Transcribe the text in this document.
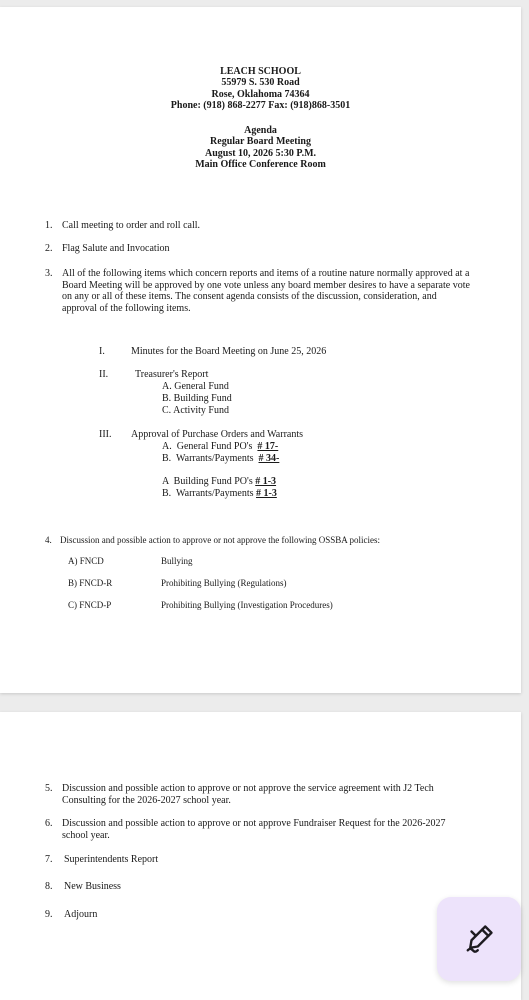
LEACH SCHOOL
55979 S. 530 Road
Rose, Oklahoma 74364
Phone: (918) 868-2277 Fax: (918)868-3501
Agenda
Regular Board Meeting
August 10, 2026 5:30 P.M.
Main Office Conference Room
1. Call meeting to order and roll call.
2. Flag Salute and Invocation
3. All of the following items which concern reports and items of a routine nature normally approved at a Board Meeting will be approved by one vote unless any board member desires to have a separate vote on any or all of these items. The consent agenda consists of the discussion, consideration, and approval of the following items.
I.	Minutes for the Board Meeting on June 25, 2026
II.	Treasurer's Report
A. General Fund
B. Building Fund
C. Activity Fund
III. Approval of Purchase Orders and Warrants
A.  General Fund PO's  # 17-
B.  Warrants/Payments  # 34-
A  Building Fund PO's # 1-3
B.  Warrants/Payments # 1-3
4. Discussion and possible action to approve or not approve the following OSSBA policies:
A) FNCD	Bullying
B) FNCD-R	Prohibiting Bullying (Regulations)
C) FNCD-P	Prohibiting Bullying (Investigation Procedures)
5. Discussion and possible action to approve or not approve the service agreement with J2 Tech Consulting for the 2026-2027 school year.
6. Discussion and possible action to approve or not approve Fundraiser Request for the 2026-2027 school year.
7. Superintendents Report
8. New Business
9. Adjourn
